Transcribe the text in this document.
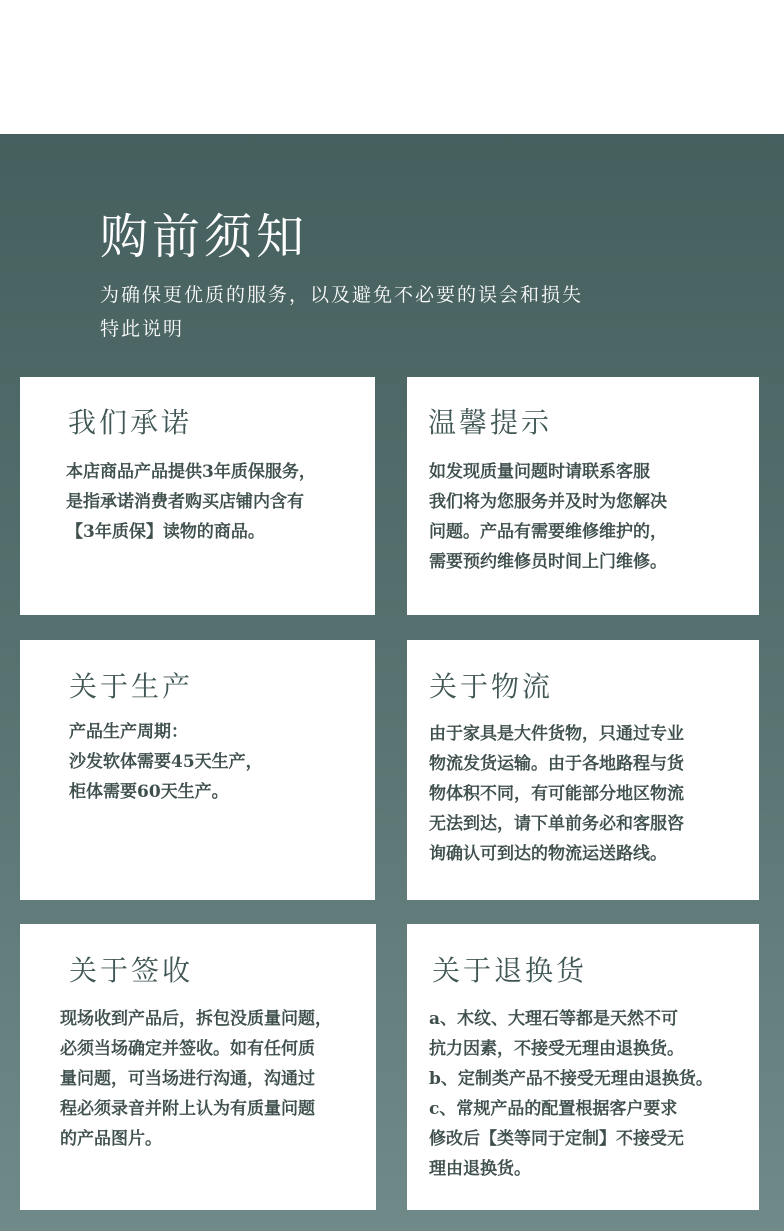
购前须知
为确保更优质的服务，以及避免不必要的误会和损失
特此说明
我们承诺
本店商品产品提供3年质保服务，
是指承诺消费者购买店铺内含有
【3年质保】读物的商品。
温馨提示
如发现质量问题时请联系客服
我们将为您服务并及时为您解决
问题。产品有需要维修维护的，
需要预约维修员时间上门维修。
关于生产
产品生产周期：
沙发软体需要45天生产，
柜体需要60天生产。
关于物流
由于家具是大件货物，只通过专业
物流发货运输。由于各地路程与货
物体积不同，有可能部分地区物流
无法到达，请下单前务必和客服咨
询确认可到达的物流运送路线。
关于签收
现场收到产品后，拆包没质量问题，
必须当场确定并签收。如有任何质
量问题，可当场进行沟通，沟通过
程必须录音并附上认为有质量问题
的产品图片。
关于退换货
a、木纹、大理石等都是天然不可
抗力因素，不接受无理由退换货。
b、定制类产品不接受无理由退换货。
c、常规产品的配置根据客户要求
修改后【类等同于定制】不接受无
理由退换货。
